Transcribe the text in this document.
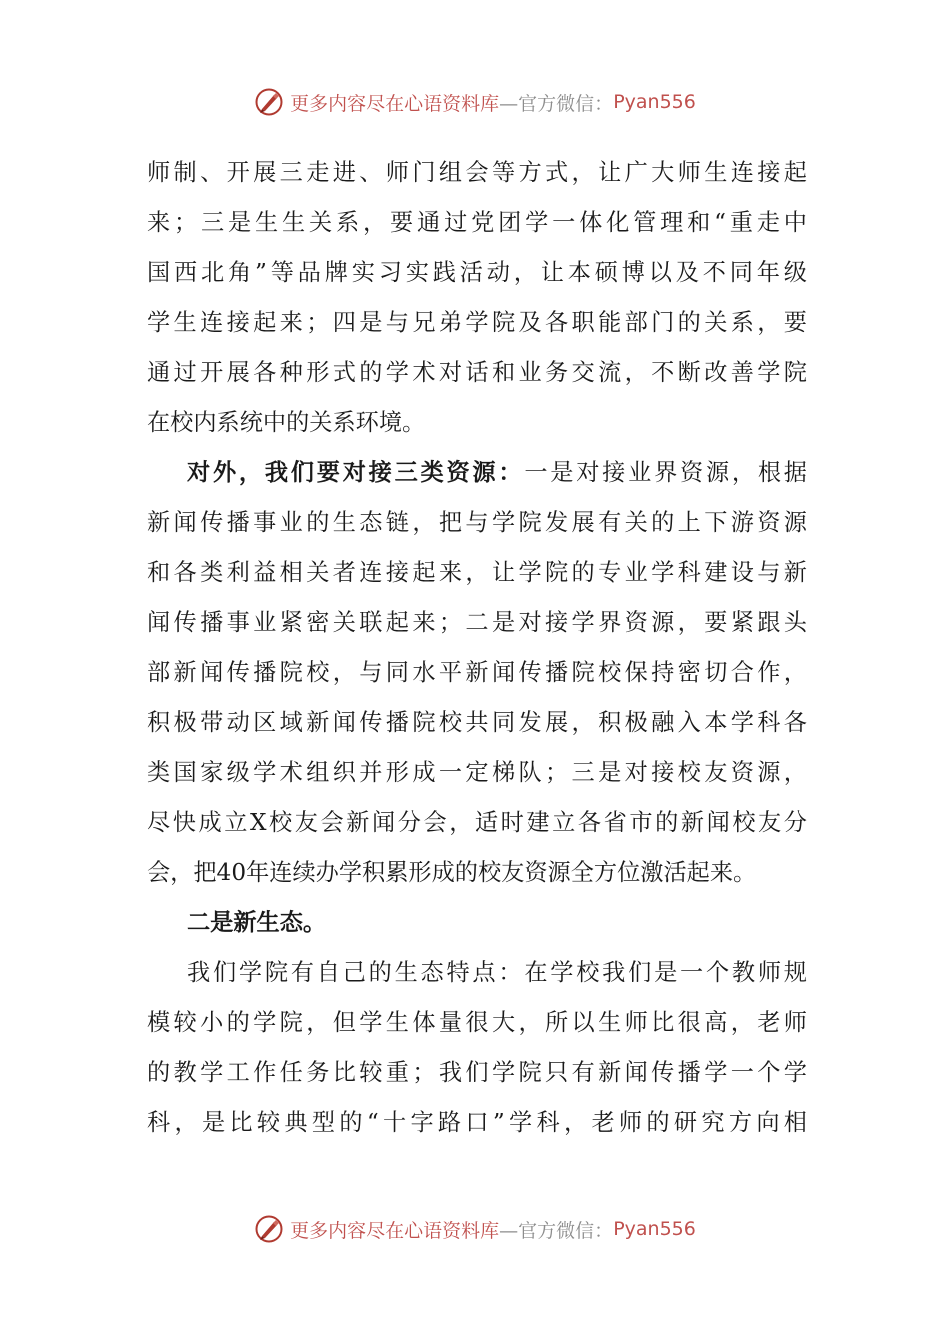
更多内容尽在心语资料库 —官方微信： Pyan556
师制、开展三走进、师门组会等方式，让广大师生连接起
来；三是生生关系，要通过党团学一体化管理和“重走中
国西北角”等品牌实习实践活动，让本硕博以及不同年级
学生连接起来；四是与兄弟学院及各职能部门的关系，要
通过开展各种形式的学术对话和业务交流，不断改善学院
在校内系统中的关系环境。
对外，我们要对接三类资源：一是对接业界资源，根据
新闻传播事业的生态链，把与学院发展有关的上下游资源
和各类利益相关者连接起来，让学院的专业学科建设与新
闻传播事业紧密关联起来；二是对接学界资源，要紧跟头
部新闻传播院校，与同水平新闻传播院校保持密切合作，
积极带动区域新闻传播院校共同发展，积极融入本学科各
类国家级学术组织并形成一定梯队；三是对接校友资源，
尽快成立X校友会新闻分会，适时建立各省市的新闻校友分
会，把40年连续办学积累形成的校友资源全方位激活起来。
二是新生态。
我们学院有自己的生态特点：在学校我们是一个教师规
模较小的学院，但学生体量很大，所以生师比很高，老师
的教学工作任务比较重；我们学院只有新闻传播学一个学
科，是比较典型的“十字路口”学科，老师的研究方向相
更多内容尽在心语资料库 —官方微信： Pyan556
